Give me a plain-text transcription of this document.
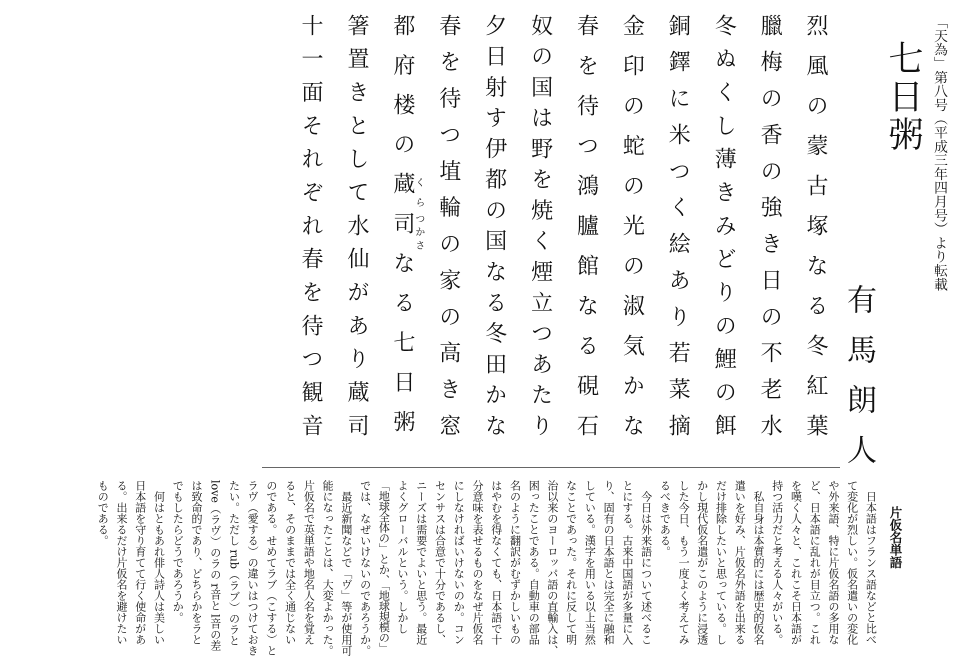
「天為」第八号（平成三年四月号）より転載
七日粥
有馬朗人
烈風の蒙古塚なる冬紅葉
臘梅の香の強き日の不老水
冬ぬくし薄きみどりの鯉の餌
銅鐸に米つく絵あり若菜摘
金印の蛇の光の淑気かな
春を待つ鴻臚館なる硯石
奴の国は野を焼く煙立つあたり
夕日射す伊都の国なる冬田かな
春を待つ埴輪の家の高き窓
都府楼の蔵くら司つかさなる七日粥
箸置きとして水仙があり蔵司
十一面それぞれ春を待つ観音
片仮名単語
日本語はフランス語などと比べ
て変化が烈しい。仮名遣いの変化
や外来語、特に片仮名語の多用な
ど、日本語に乱れが目立つ。これ
を嘆く人々と、これこそ日本語が
持つ活力だと考える人々がいる。
私自身は本質的には歴史的仮名
遣いを好み、片仮名外語を出来る
だけ排除したいと思っている。し
かし現代仮名遣がこのように浸透
した今日、もう一度よく考えてみ
るべきである。
今日は外来語について述べるこ
とにする。古来中国語が多量に入
り、固有の日本語とは完全に融和
している。漢字を用いる以上当然
なことであった。それに反して明
治以来のヨーロッパ語の直輸入は、
困ったことである。自動車の部品
名のように翻訳がむずかしいもの
はやむを得なくても、日本語で十
分意味を表せるものをなぜ片仮名
にしなければいけないのか。コン
センサスは合意で十分であるし、
ニーズは需要でよいと思う。最近
よくグローバルという。しかし
「地球全体の」とか、「地球規模の」
では、なぜいけないのであろうか。
最近新聞などで「ヴ」等が使用可
能になったことは、大変よかった。
片仮名で英単語や地名人名を覚え
ると、そのままでは全く通じない
のである。せめてラブ（こする）と
ラヴ（愛する）の違いはつけておき
たい。ただし rub（ラブ）のラと
love（ラヴ）のラの r音と l音の差
は致命的であり、どちらかをラと
でもしたらどうであろうか。
何はともあれ俳人詩人は美しい
日本語を守り育てて行く使命があ
る。出来るだけ片仮名を避けたい
ものである。
